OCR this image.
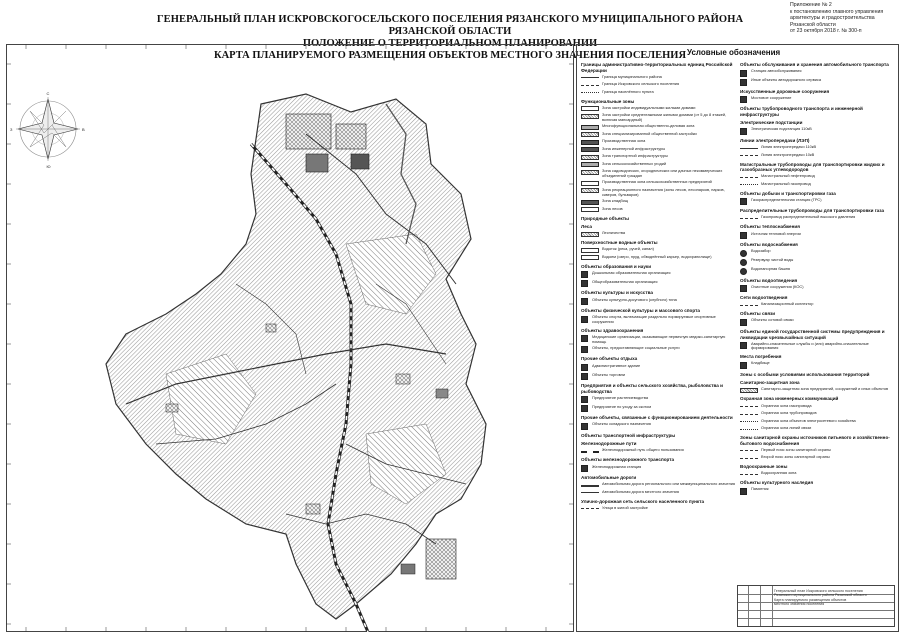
ГЕНЕРАЛЬНЫЙ ПЛАН ИСКРОВСКОГОСЕЛЬСКОГО ПОСЕЛЕНИЯ РЯЗАНСКОГО МУНИЦИПАЛЬНОГО РАЙОНА РЯЗАНСКОЙ ОБЛАСТИ
ПОЛОЖЕНИЕ О ТЕРРИТОРИАЛЬНОМ ПЛАНИРОВАНИИ
КАРТА ПЛАНИРУЕМОГО РАЗМЕЩЕНИЯ ОБЪЕКТОВ МЕСТНОГО ЗНАЧЕНИЯ ПОСЕЛЕНИЯ
Приложение № 2
к постановлению главного управления
архитектуры и градостроительства
Рязанской области
от 23 октября 2018 г. № 300-п
С
В
Ю
З
Условные обозначения
Границы административно-территориальных единиц Российской Федерации
Граница муниципального района
Граница Искровского сельского поселения
Граница населённого пункта
Функциональные зоны
Зона застройки индивидуальными жилыми домами
Зона застройки среднеэтажными жилыми домами (от 5 до 8 этажей, включая мансардный)
Многофункциональная общественно-деловая зона
Зона специализированной общественной застройки
Производственная зона
Зона инженерной инфраструктуры
Зона транспортной инфраструктуры
Зона сельскохозяйственных угодий
Зона садоводческих, огороднических или дачных некоммерческих объединений граждан
Производственная зона сельскохозяйственных предприятий
Зона рекреационного назначения (зоны лесов, лесопарков, парков, скверов, бульваров)
Зона кладбищ
Зона лесов
Природные объекты
Леса
Лесничества
Поверхностные водные объекты
Водоток (река, ручей, канал)
Водоем (озеро, пруд, обводнённый карьер, водохранилище)
Объекты образования и науки
Дошкольная образовательная организация
Общеобразовательная организация
Объекты культуры и искусства
Объекты культурно-досугового (клубного) типа
Объекты физической культуры и массового спорта
Объекты спорта, включающие раздельно нормируемые спортивные сооружения
Объекты здравоохранения
Медицинские организации, оказывающие первичную медико-санитарную помощь
Объекты, предоставляющие социальные услуги
Прочие объекты отдыха
Административное здание
Объекты торговли
Предприятия и объекты сельского хозяйства, рыболовства и рыбоводства
Предприятие растениеводства
Предприятие по уходу за скотом
Прочие объекты, связанные с функционированием деятельности
Объекты складского назначения
Объекты транспортной инфраструктуры
Железнодорожные пути
Железнодорожный путь общего пользования
Объекты железнодорожного транспорта
Железнодорожная станция
Автомобильные дороги
Автомобильная дорога регионального или межмуниципального значения
Автомобильная дорога местного значения
Улично-дорожная сеть сельского населенного пункта
Улица в жилой застройке
Объекты обслуживания и хранения автомобильного транспорта
Станция автообслуживания
Иные объекты автодорожного сервиса
Искусственные дорожные сооружения
Мостовое сооружение
Объекты трубопроводного транспорта и инженерной инфраструктуры
Электрические подстанции
Электрическая подстанция 110кВ
Линии электропередачи (ЛЭП)
Линия электропередачи 110кВ
Линия электропередачи 10кВ
Магистральные трубопроводы для транспортировки жидких и газообразных углеводородов
Магистральный нефтепровод
Магистральный газопровод
Объекты добычи и транспортировки газа
Газораспределительная станция (ГРС)
Распределительные трубопроводы для транспортировки газа
Газопровод распределительный высокого давления
Объекты теплоснабжения
Источник тепловой энергии
Объекты водоснабжения
Водозабор
Резервуар чистой воды
Водонапорная башня
Объекты водоотведения
Очистные сооружения (КОС)
Сети водоотведения
Канализационный коллектор
Объекты связи
Объекты сотовой связи
Объекты единой государственной системы предупреждения и ликвидации чрезвычайных ситуаций
Аварийно-спасательные службы и (или) аварийно-спасательные формирования
Места погребения
Кладбище
Зоны с особыми условиями использования территорий
Санитарно-защитная зона
Санитарно-защитная зона предприятий, сооружений и иных объектов
Охранная зона инженерных коммуникаций
Охранная зона газопровода
Охранная зона трубопроводов
Охранная зона объектов электросетевого хозяйства
Охранная зона линий связи
Зоны санитарной охраны источников питьевого и хозяйственно-бытового водоснабжения
Первый пояс зоны санитарной охраны
Второй пояс зоны санитарной охраны
Водоохранные зоны
Водоохранная зона
Объекты культурного наследия
Памятник
Генеральный план Искровского сельского поселения
Рязанского муниципального района Рязанской области
Карта планируемого размещения объектов
местного значения поселения
